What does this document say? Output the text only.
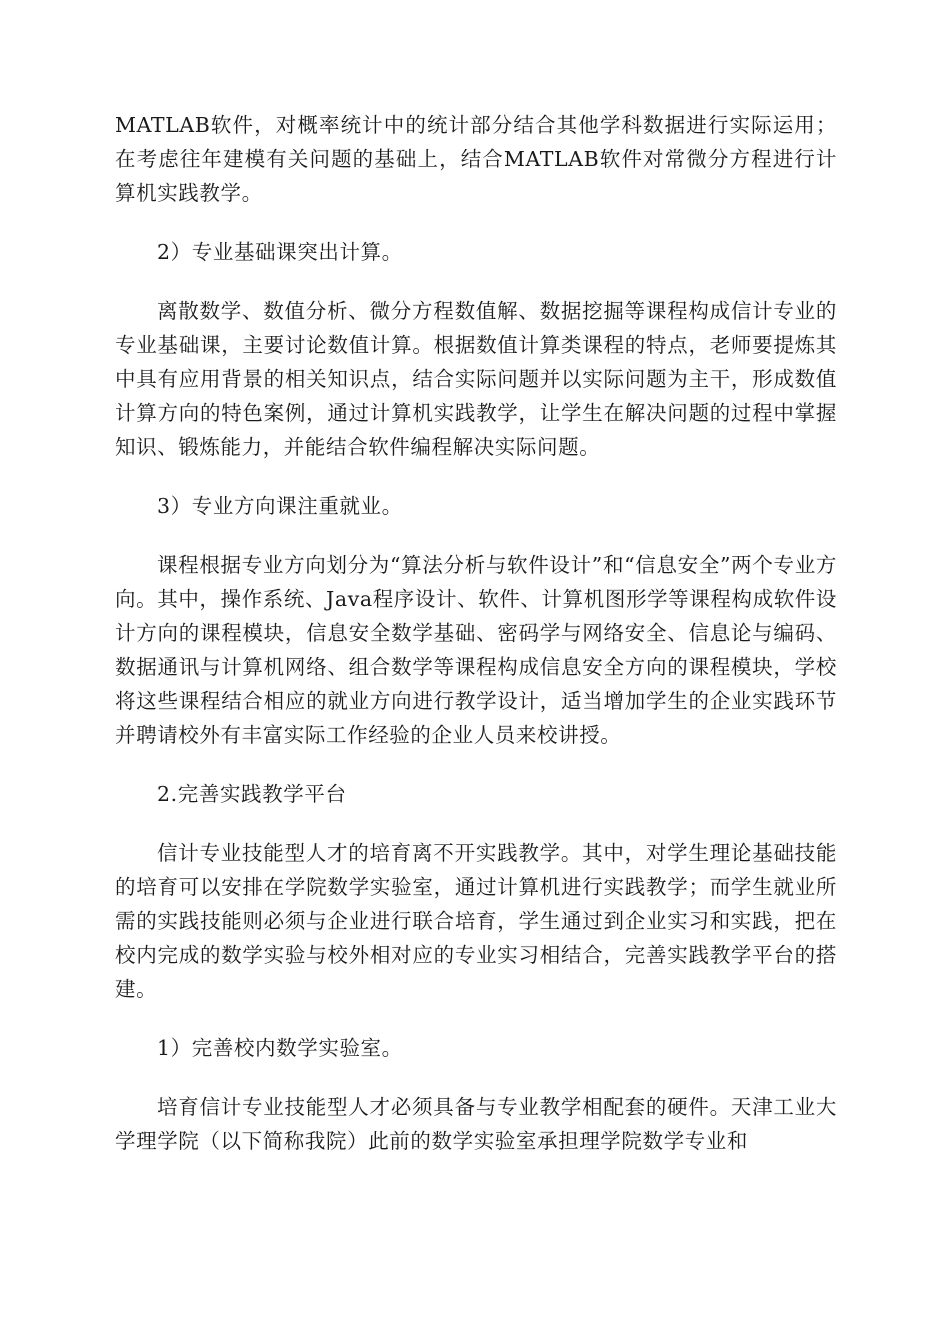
MATLAB软件，对概率统计中的统计部分结合其他学科数据进行实际运用；在考虑往年建模有关问题的基础上，结合MATLAB软件对常微分方程进行计算机实践教学。

2）专业基础课突出计算。

离散数学、数值分析、微分方程数值解、数据挖掘等课程构成信计专业的专业基础课，主要讨论数值计算。根据数值计算类课程的特点，老师要提炼其中具有应用背景的相关知识点，结合实际问题并以实际问题为主干，形成数值计算方向的特色案例，通过计算机实践教学，让学生在解决问题的过程中掌握知识、锻炼能力，并能结合软件编程解决实际问题。

3）专业方向课注重就业。

课程根据专业方向划分为“算法分析与软件设计”和“信息安全”两个专业方向。其中，操作系统、Java程序设计、软件、计算机图形学等课程构成软件设计方向的课程模块，信息安全数学基础、密码学与网络安全、信息论与编码、数据通讯与计算机网络、组合数学等课程构成信息安全方向的课程模块，学校将这些课程结合相应的就业方向进行教学设计，适当增加学生的企业实践环节并聘请校外有丰富实际工作经验的企业人员来校讲授。

2.完善实践教学平台

信计专业技能型人才的培育离不开实践教学。其中，对学生理论基础技能的培育可以安排在学院数学实验室，通过计算机进行实践教学；而学生就业所需的实践技能则必须与企业进行联合培育，学生通过到企业实习和实践，把在校内完成的数学实验与校外相对应的专业实习相结合，完善实践教学平台的搭建。

1）完善校内数学实验室。

培育信计专业技能型人才必须具备与专业教学相配套的硬件。天津工业大学理学院（以下简称我院）此前的数学实验室承担理学院数学专业和
